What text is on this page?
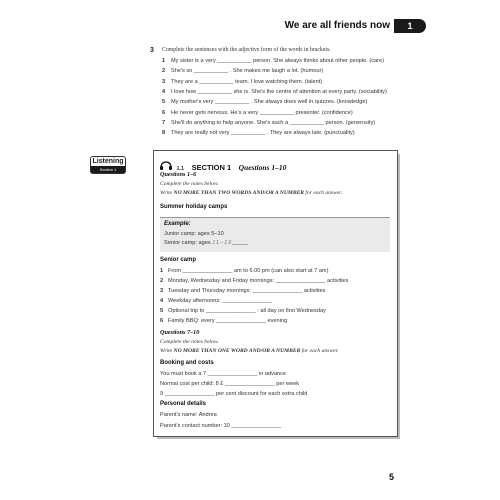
We are all friends now	1
3 Complete the sentences with the adjective form of the words in brackets.
1 My sister is a very ___________ person. She always thinks about other people. (care)
2 She's so ___________ . She makes me laugh a lot. (humour)
3 They are a ___________ team. I love watching them. (talent)
4 I love how ___________ she is. She's the centre of attention at every party. (sociability)
5 My mother's very ___________ . She always does well in quizzes. (knowledge)
6 He never gets nervous. He's a very ___________ presenter. (confidence)
7 She'll do anything to help anyone. She's such a ___________ person. (generosity)
8 They are really not very ___________ . They are always late. (punctuality)
Listening
Section 1	1.1 SECTION 1 Questions 1–10
Questions 1–6
Complete the notes below.
Write NO MORE THAN TWO WORDS AND/OR A NUMBER for each answer.
Summer holiday camps
Example:
Junior camp: ages 5–10
Senior camp: ages 11–16_____
Senior camp
1 From ________________ am to 6.00 pm (can also start at 7 am)
2 Monday, Wednesday and Friday mornings: ________________ activities
3 Tuesday and Thursday mornings: ________________ activities
4 Weekday afternoons: ________________
5 Optional trip to ________________ : all day on first Wednesday
6 Family BBQ: every ________________ evening
Questions 7–10
Complete the notes below.
Write NO MORE THAN ONE WORD AND/OR A NUMBER for each answer.
Booking and costs
You must book a 7 ________________ in advance
Normal cost per child: 8 £ ________________ per week
9 ________________ per cent discount for each extra child
Personal details
Parent's name: Andrea
Parent's contact number: 10 ________________
5
